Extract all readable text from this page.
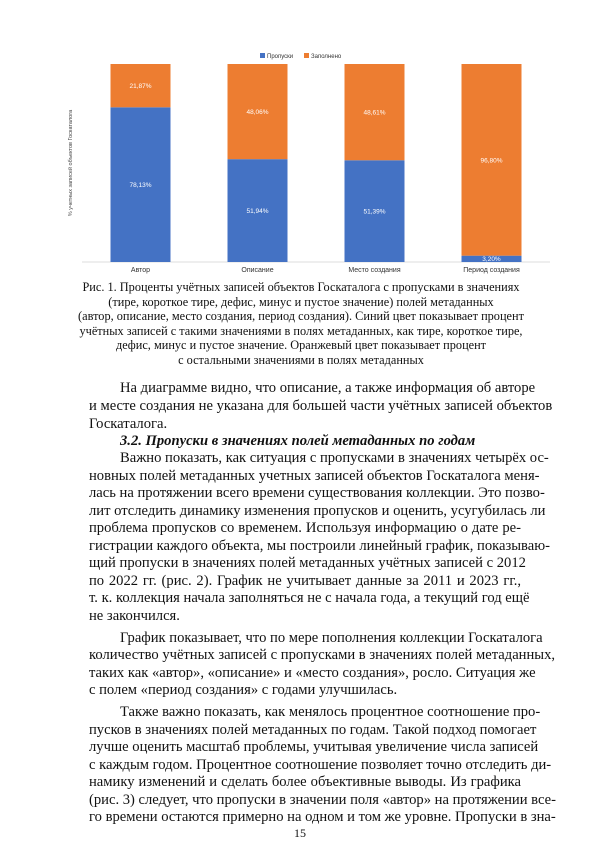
Пропуски	Заполнено
% учетных записей объектов Госкаталога	78,13%
21,87%
Автор
51,94%
48,06%
Описание
51,39%
48,61%
Место создания
3,20%
96,80%
Период создания
Рис. 1. Проценты учётных записей объектов Госкаталога с пропусками в значениях
(тире, короткое тире, дефис, минус и пустое значение) полей метаданных
(автор, описание, место создания, период создания). Синий цвет показывает процент
учётных записей с такими значениями в полях метаданных, как тире, короткое тире,
дефис, минус и пустое значение. Оранжевый цвет показывает процент
с остальными значениями в полях метаданных
На диаграмме видно, что описание, а также информация об авторе
и месте создания не указана для большей части учётных записей объектов
Госкаталога.
3.2. Пропуски в значениях полей метаданных по годам
Важно показать, как ситуация с пропусками в значениях четырёх ос-
новных полей метаданных учетных записей объектов Госкаталога меня-
лась на протяжении всего времени существования коллекции. Это позво-
лит отследить динамику изменения пропусков и оценить, усугубилась ли
проблема пропусков со временем. Используя информацию о дате ре-
гистрации каждого объекта, мы построили линейный график, показываю-
щий пропуски в значениях полей метаданных учётных записей с 2012
по 2022 гг. (рис. 2). График не учитывает данные за 2011 и 2023 гг.,
т. к. коллекция начала заполняться не с начала года, а текущий год ещё
не закончился.
График показывает, что по мере пополнения коллекции Госкаталога
количество учётных записей с пропусками в значениях полей метаданных,
таких как «автор», «описание» и «место создания», росло. Ситуация же
с полем «период создания» с годами улучшилась.
Также важно показать, как менялось процентное соотношение про-
пусков в значениях полей метаданных по годам. Такой подход помогает
лучше оценить масштаб проблемы, учитывая увеличение числа записей
с каждым годом. Процентное соотношение позволяет точно отследить ди-
намику изменений и сделать более объективные выводы. Из графика
(рис. 3) следует, что пропуски в значении поля «автор» на протяжении все-
го времени остаются примерно на одном и том же уровне. Пропуски в зна-
15
